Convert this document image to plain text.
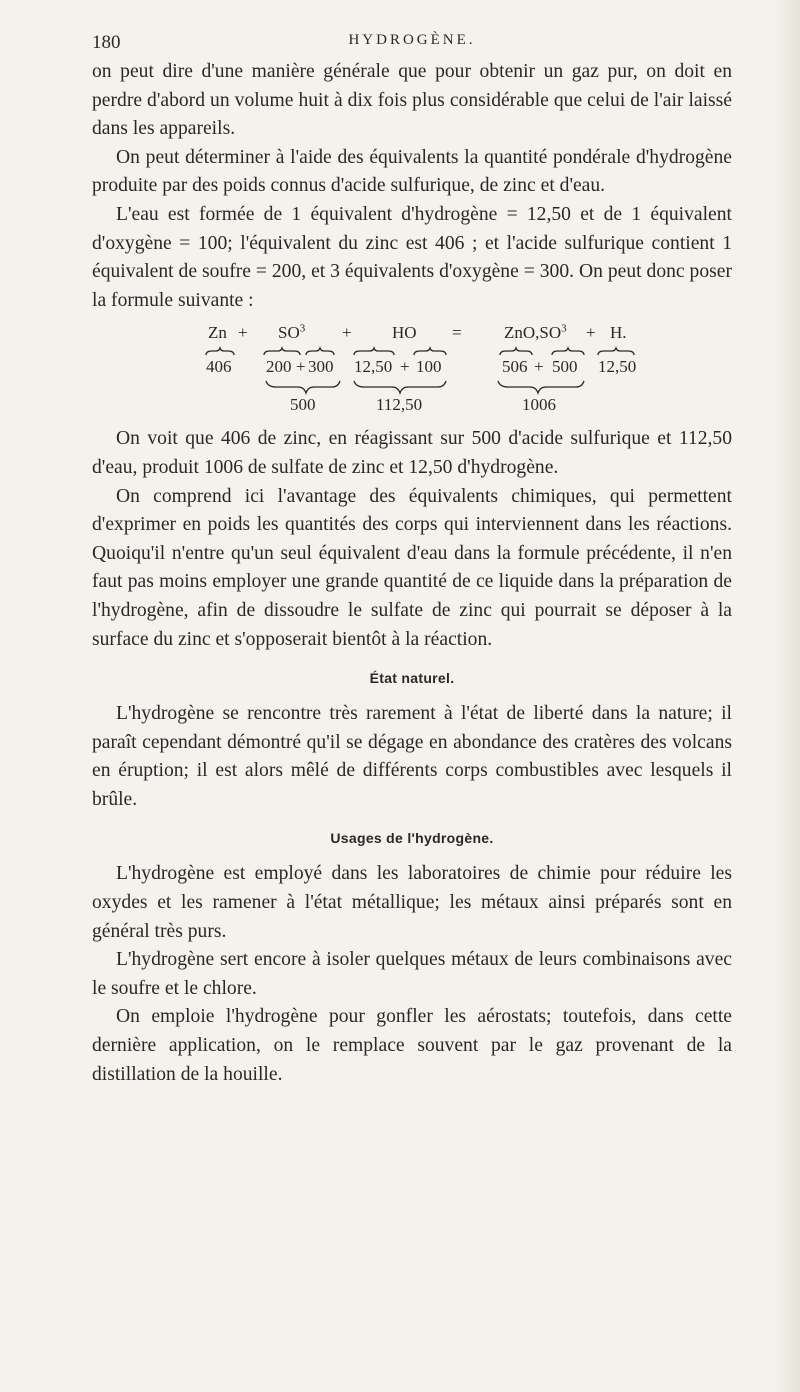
180	HYDROGÈNE.

on peut dire d'une manière générale que pour obtenir un gaz pur, on doit en perdre d'abord un volume huit à dix fois plus considérable que celui de l'air laissé dans les appareils.

On peut déterminer à l'aide des équivalents la quantité pondérale d'hydrogène produite par des poids connus d'acide sulfurique, de zinc et d'eau.

L'eau est formée de 1 équivalent d'hydrogène = 12,50 et de 1 équivalent d'oxygène = 100; l'équivalent du zinc est 406 ; et l'acide sulfurique contient 1 équivalent de soufre = 200, et 3 équivalents d'oxygène = 300. On peut donc poser la formule suivante :

$Zn + SO^3$ + HO = $ZnO,SO^3 + H$.
406 200 + 300 12,50 + 100	506 + 500 12,50
500	112,50	1006

On voit que 406 de zinc, en réagissant sur 500 d'acide sulfurique et 112,50 d'eau, produit 1006 de sulfate de zinc et 12,50 d'hydrogène.

On comprend ici l'avantage des équivalents chimiques, qui permettent d'exprimer en poids les quantités des corps qui interviennent dans les réactions. Quoiqu'il n'entre qu'un seul équivalent d'eau dans la formule précédente, il n'en faut pas moins employer une grande quantité de ce liquide dans la préparation de l'hydrogène, afin de dissoudre le sulfate de zinc qui pourrait se déposer à la surface du zinc et s'opposerait bientôt à la réaction.

État naturel.

L'hydrogène se rencontre très rarement à l'état de liberté dans la nature; il paraît cependant démontré qu'il se dégage en abondance des cratères des volcans en éruption; il est alors mêlé de différents corps combustibles avec lesquels il brûle.

Usages de l'hydrogène.

L'hydrogène est employé dans les laboratoires de chimie pour réduire les oxydes et les ramener à l'état métallique; les métaux ainsi préparés sont en général très purs.

L'hydrogène sert encore à isoler quelques métaux de leurs combinaisons avec le soufre et le chlore.

On emploie l'hydrogène pour gonfler les aérostats; toutefois, dans cette dernière application, on le remplace souvent par le gaz provenant de la distillation de la houille.
